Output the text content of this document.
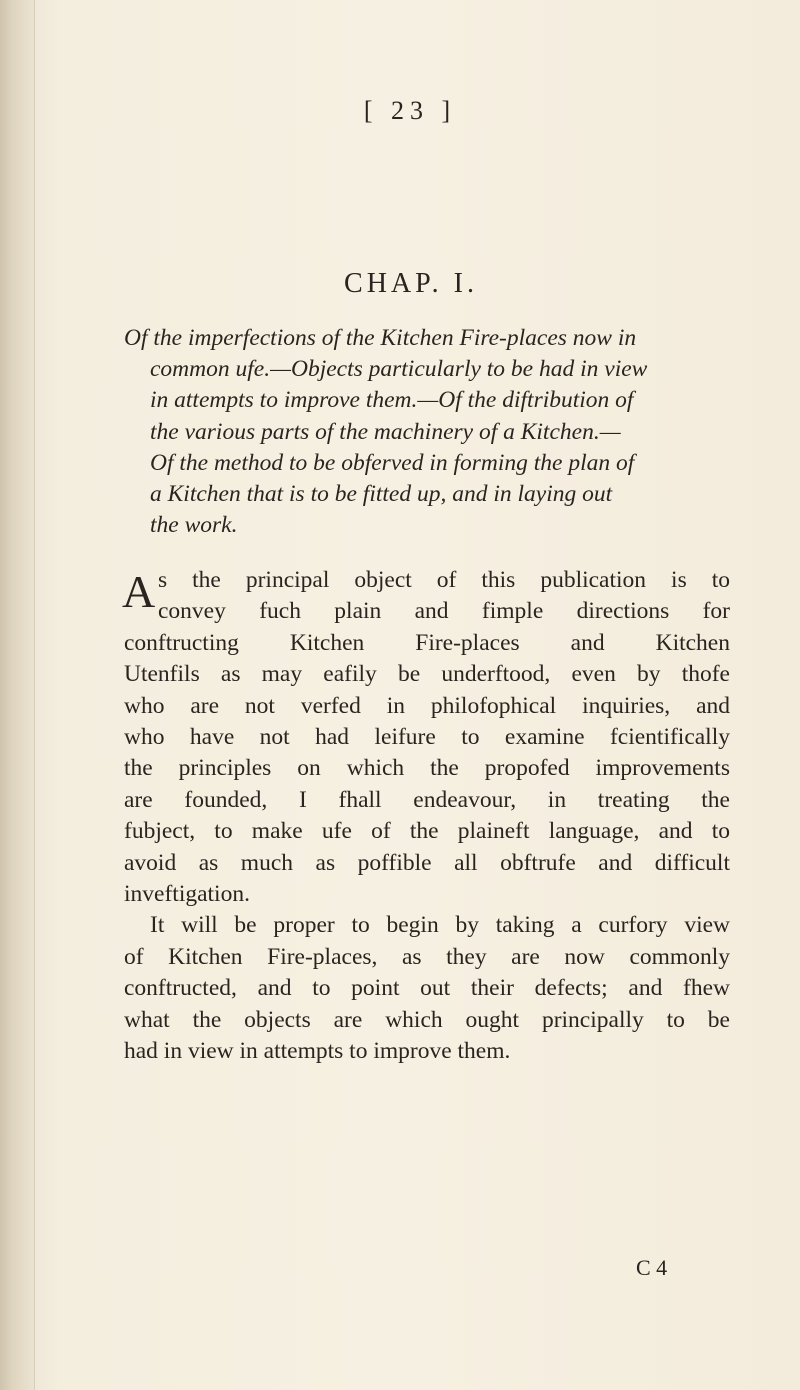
[ 23 ]
CHAP. I.
Of the imperfections of the Kitchen Fire-places now in
common ufe.—Objects particularly to be had in view
in attempts to improve them.—Of the diftribution of
the various parts of the machinery of a Kitchen.—
Of the method to be obferved in forming the plan of
a Kitchen that is to be fitted up, and in laying out
the work.
A s the principal object of this publication is to
convey fuch plain and fimple directions for
conftructing Kitchen Fire-places and Kitchen
Utenfils as may eafily be underftood, even by thofe
who are not verfed in philofophical inquiries, and
who have not had leifure to examine fcientifically
the principles on which the propofed improvements
are founded, I fhall endeavour, in treating the
fubject, to make ufe of the plaineft language, and to
avoid as much as poffible all obftrufe and difficult
inveftigation.
It will be proper to begin by taking a curfory view
of Kitchen Fire-places, as they are now commonly
conftructed, and to point out their defects; and fhew
what the objects are which ought principally to be
had in view in attempts to improve them.
C 4
